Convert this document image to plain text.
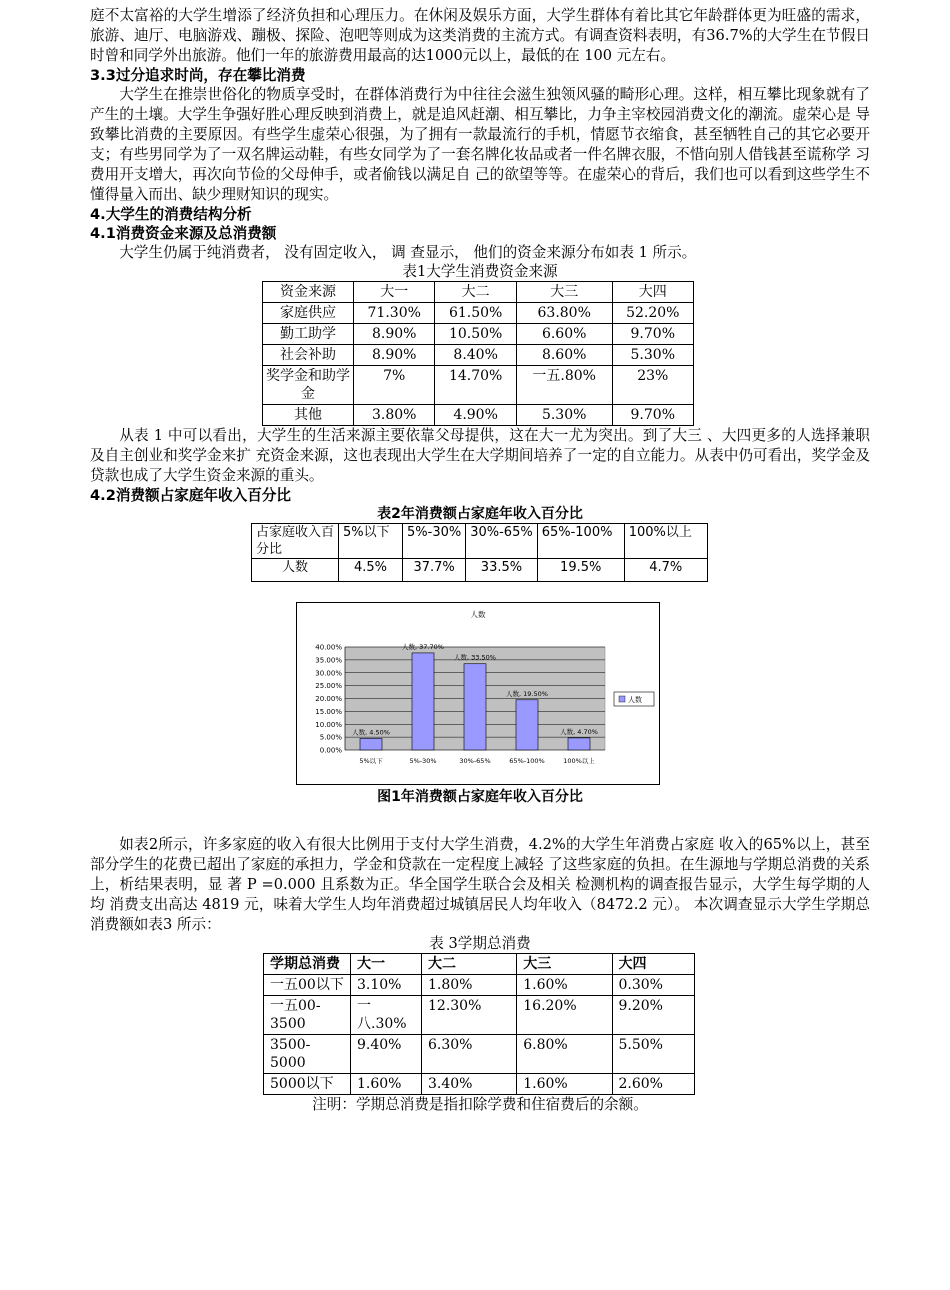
庭不太富裕的大学生增添了经济负担和心理压力。在休闲及娱乐方面，大学生群体有着比其它年龄群体更为旺盛的需求，旅游、迪厅、电脑游戏、蹦极、探险、泡吧等则成为这类消费的主流方式。有调查资料表明，有36.7%的大学生在节假日时曾和同学外出旅游。他们一年的旅游费用最高的达1000元以上，最低的在 100 元左右。

3.3过分追求时尚，存在攀比消费

大学生在推崇世俗化的物质享受时，在群体消费行为中往往会滋生独领风骚的畸形心理。这样，相互攀比现象就有了产生的土壤。大学生争强好胜心理反映到消费上，就是追风赶潮、相互攀比，力争主宰校园消费文化的潮流。虚荣心是 导致攀比消费的主要原因。有些学生虚荣心很强，为了拥有一款最流行的手机，情愿节衣缩食，甚至牺牲自己的其它必要开支；有些男同学为了一双名牌运动鞋，有些女同学为了一套名牌化妆品或者一件名牌衣服，不惜向别人借钱甚至谎称学 习费用开支增大，再次向节俭的父母伸手，或者偷钱以满足自 己的欲望等等。在虚荣心的背后，我们也可以看到这些学生不懂得量入而出、缺少理财知识的现实。

4.大学生的消费结构分析
4.1消费资金来源及总消费额

大学生仍属于纯消费者， 没有固定收入， 调 查显示， 他们的资金来源分布如表 1 所示。

表1大学生消费资金来源
资金来源	大一	大二	大三	大四
家庭供应	71.30%	61.50%	63.80%	52.20%
勤工助学	8.90%	10.50%	6.60%	9.70%
社会补助	8.90%	8.40%	8.60%	5.30%
奖学金和助学金	7%	14.70%	一五.80%	23%
其他	3.80%	4.90%	5.30%	9.70%

从表 1 中可以看出，大学生的生活来源主要依靠父母提供，这在大一尤为突出。到了大三 、大四更多的人选择兼职及自主创业和奖学金来扩 充资金来源，这也表现出大学生在大学期间培养了一定的自立能力。从表中仍可看出，奖学金及贷款也成了大学生资金来源的重头。

4.2消费额占家庭年收入百分比
表2年消费额占家庭年收入百分比
占家庭收入百分比	5%以下	5%-30%	30%-65%	65%-100%	100%以上

人数	4.5%	37.7%	33.5%	19.5%	4.7%
人数
0.00%
5.00%
10.00%
15.00%
20.00%
25.00%
30.00%
35.00%
40.00%
人数, 4.50%
5%以下
人数, 37.70%
5%-30%
人数, 33.50%
30%-65%
人数, 19.50%
65%-100%
人数, 4.70%
100%以上
人数
图1年消费额占家庭年收入百分比

如表2所示，许多家庭的收入有很大比例用于支付大学生消费，4.2%的大学生年消费占家庭 收入的65%以上，甚至部分学生的花费已超出了家庭的承担力，学金和贷款在一定程度上减轻 了这些家庭的负担。在生源地与学期总消费的关系上，析结果表明，显 著 P =0.000 且系数为正。华全国学生联合会及相关 检测机构的调查报告显示，大学生每学期的人均 消费支出高达 4819 元，味着大学生人均年消费超过城镇居民人均年收入（8472.2 元）。 本次调查显示大学生学期总消费额如表3 所示：

表 3学期总消费
学期总消费	大一	大二	大三	大四
一五00以下	3.10%	1.80%	1.60%	0.30%
一五00-3500	一八.30%	12.30%	16.20%	9.20%
3500-5000	9.40%	6.30%	6.80%	5.50%
5000以下	1.60%	3.40%	1.60%	2.60%
注明：学期总消费是指扣除学费和住宿费后的余额。
